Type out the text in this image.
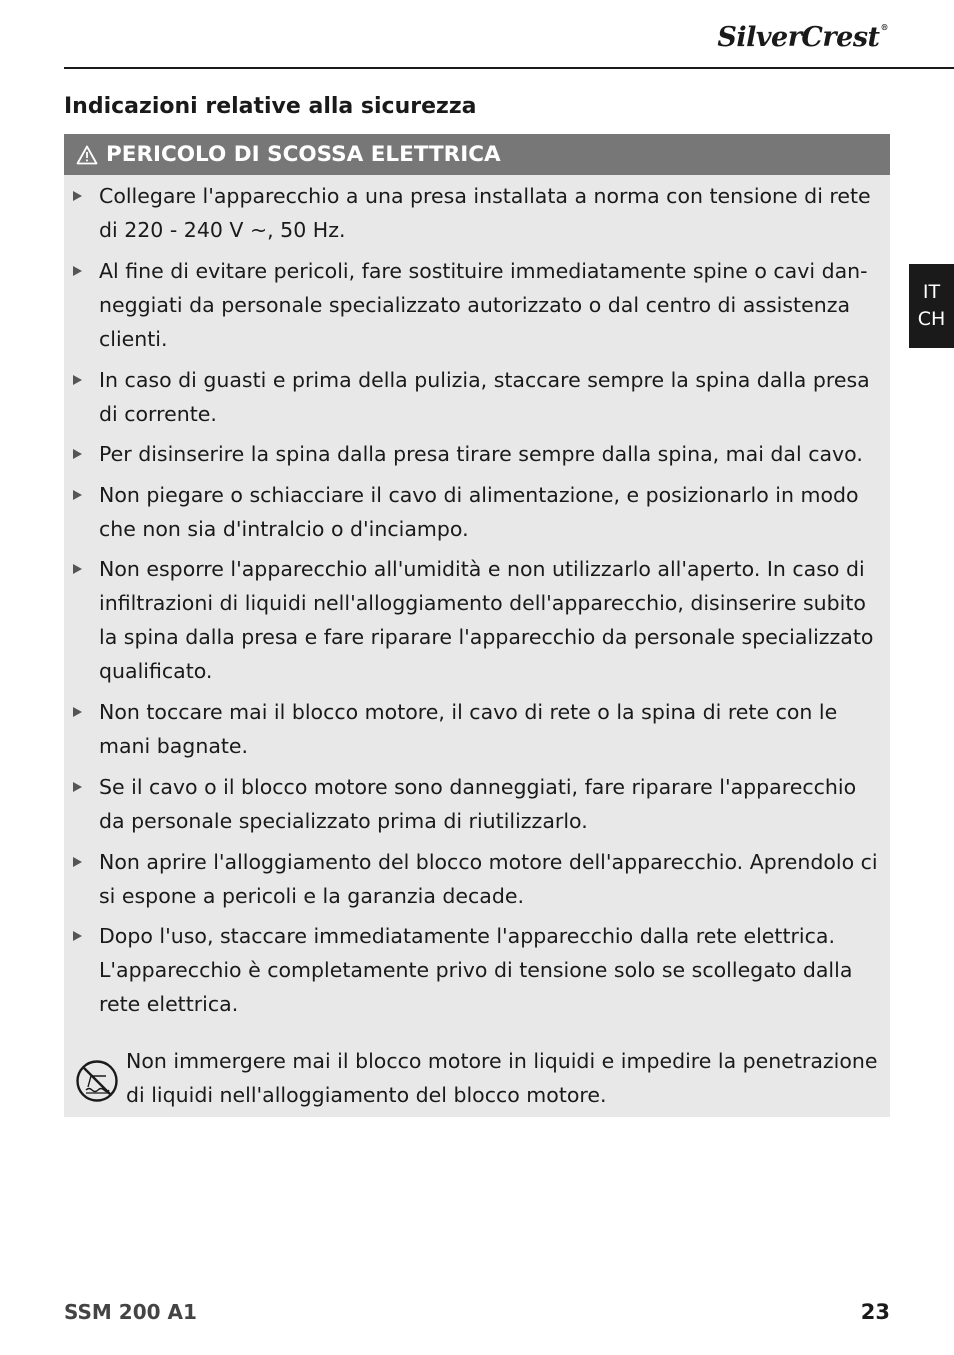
SilverCrest®
Indicazioni relative alla sicurezza
PERICOLO DI SCOSSA ELETTRICA
Collegare l'apparecchio a una presa installata a norma con tensione di rete di 220 - 240 V ~, 50 Hz.
Al fine di evitare pericoli, fare sostituire immediatamente spine o cavi danneggiati da personale specializzato autorizzato o dal centro di assistenza clienti.
In caso di guasti e prima della pulizia, staccare sempre la spina dalla presa di corrente.
Per disinserire la spina dalla presa tirare sempre dalla spina, mai dal cavo.
Non piegare o schiacciare il cavo di alimentazione, e posizionarlo in modo che non sia d'intralcio o d'inciampo.
Non esporre l'apparecchio all'umidità e non utilizzarlo all'aperto. In caso di infiltrazioni di liquidi nell'alloggiamento dell'apparecchio, disinserire subito la spina dalla presa e fare riparare l'apparecchio da personale specializzato qualificato.
Non toccare mai il blocco motore, il cavo di rete o la spina di rete con le mani bagnate.
Se il cavo o il blocco motore sono danneggiati, fare riparare l'apparecchio da personale specializzato prima di riutilizzarlo.
Non aprire l'alloggiamento del blocco motore dell'apparecchio. Aprendolo ci si espone a pericoli e la garanzia decade.
Dopo l'uso, staccare immediatamente l'apparecchio dalla rete elettrica. L'apparecchio è completamente privo di tensione solo se scollegato dalla rete elettrica.
Non immergere mai il blocco motore in liquidi e impedire la penetrazione di liquidi nell'alloggiamento del blocco motore.
IT
CH
SSM 200 A1	23
